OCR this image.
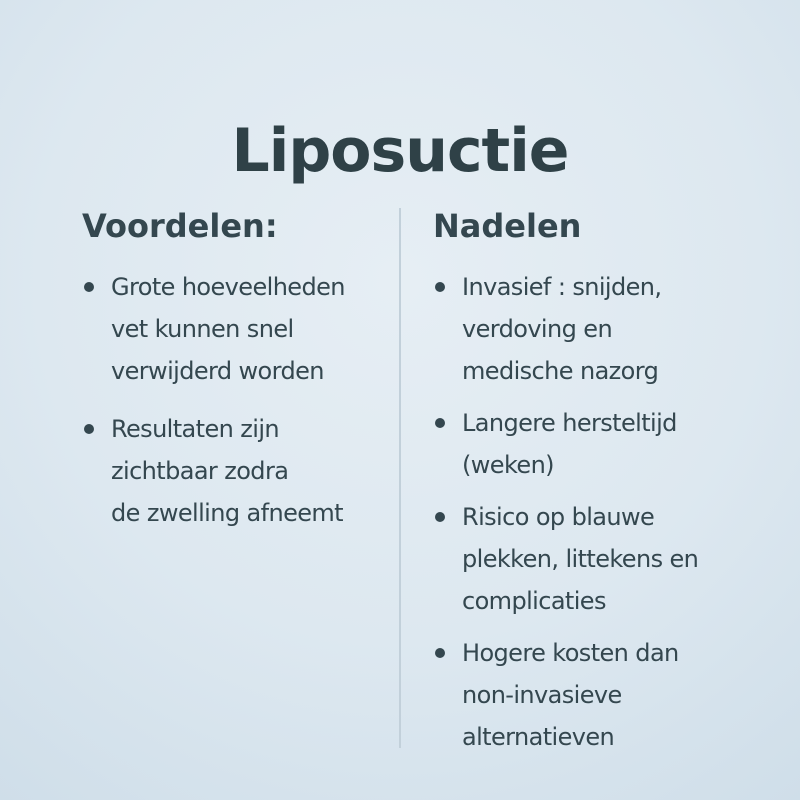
Liposuctie
Voordelen:
Grote hoeveelheden
vet kunnen snel
verwijderd worden
Resultaten zijn
zichtbaar zodra
de zwelling afneemt
Nadelen
Invasief : snijden,
verdoving en
medische nazorg
Langere hersteltijd
(weken)
Risico op blauwe
plekken, littekens en
complicaties
Hogere kosten dan
non-invasieve
alternatieven
